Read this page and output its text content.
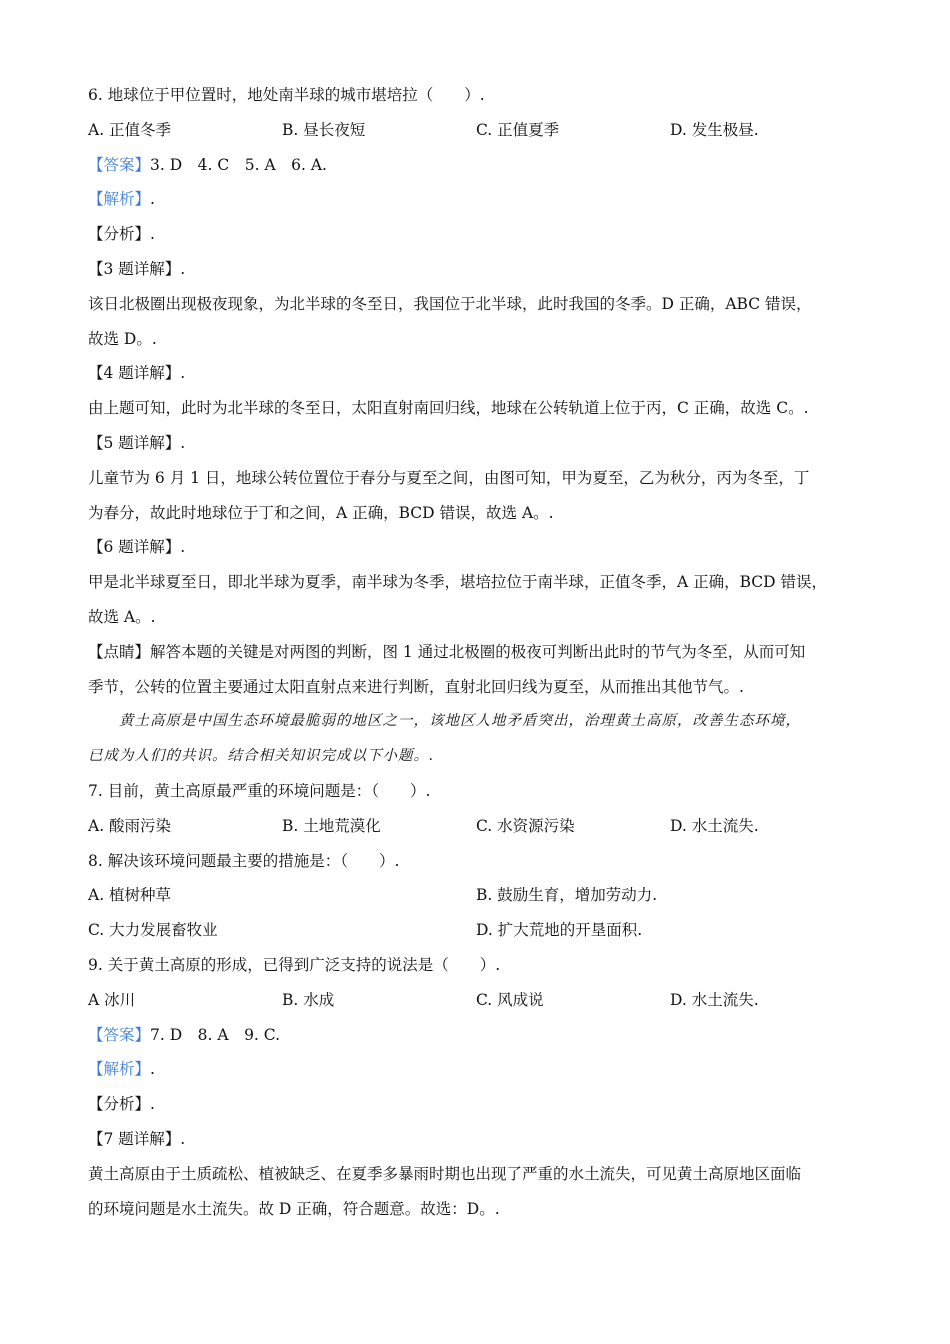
6. 地球位于甲位置时，地处南半球的城市堪培拉（　　）.
A. 正值冬季	B. 昼长夜短	C. 正值夏季	D. 发生极昼.
【答案】3. D　4. C　5. A　6. A.
【解析】.
【分析】.
【3 题详解】.
该日北极圈出现极夜现象，为北半球的冬至日，我国位于北半球，此时我国的冬季。D 正确，ABC 错误，
故选 D。.
【4 题详解】.
由上题可知，此时为北半球的冬至日，太阳直射南回归线，地球在公转轨道上位于丙，C 正确，故选 C。.
【5 题详解】.
儿童节为 6 月 1 日，地球公转位置位于春分与夏至之间，由图可知，甲为夏至，乙为秋分，丙为冬至，丁
为春分，故此时地球位于丁和之间，A 正确，BCD 错误，故选 A。.
【6 题详解】.
甲是北半球夏至日，即北半球为夏季，南半球为冬季，堪培拉位于南半球，正值冬季，A 正确，BCD 错误，
故选 A。.
【点睛】解答本题的关键是对两图的判断，图 1 通过北极圈的极夜可判断出此时的节气为冬至，从而可知
季节，公转的位置主要通过太阳直射点来进行判断，直射北回归线为夏至，从而推出其他节气。.
黄土高原是中国生态环境最脆弱的地区之一，该地区人地矛盾突出，治理黄土高原，改善生态环境，
已成为人们的共识。结合相关知识完成以下小题。.
7. 目前，黄土高原最严重的环境问题是：（　　）.
A. 酸雨污染	B. 土地荒漠化	C. 水资源污染	D. 水土流失.
8. 解决该环境问题最主要的措施是：（　　）.
A. 植树种草	B. 鼓励生育，增加劳动力.
C. 大力发展畜牧业	D. 扩大荒地的开垦面积.
9. 关于黄土高原的形成，已得到广泛支持的说法是（　　）.
A 冰川	B. 水成	C. 风成说	D. 水土流失.
【答案】7. D　8. A　9. C.
【解析】.
【分析】.
【7 题详解】.
黄土高原由于土质疏松、植被缺乏、在夏季多暴雨时期也出现了严重的水土流失，可见黄土高原地区面临
的环境问题是水土流失。故 D 正确，符合题意。故选：D。.
